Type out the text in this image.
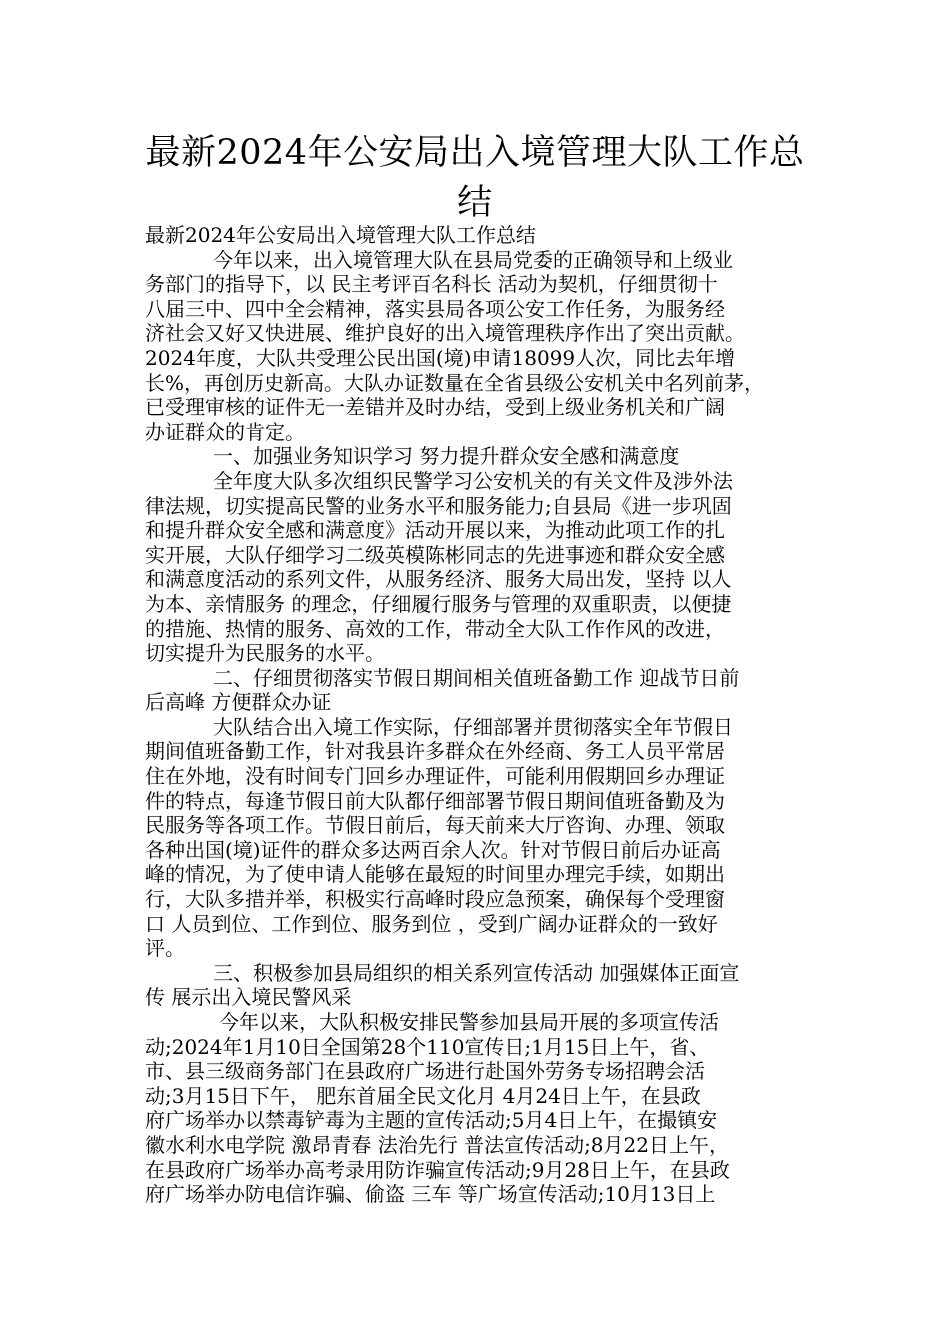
最新2024年公安局出入境管理大队工作总
结
最新2024年公安局出入境管理大队工作总结
今年以来，出入境管理大队在县局党委的正确领导和上级业
务部门的指导下，以 民主考评百名科长 活动为契机，仔细贯彻十
八届三中、四中全会精神，落实县局各项公安工作任务，为服务经
济社会又好又快进展、维护良好的出入境管理秩序作出了突出贡献。
2024年度，大队共受理公民出国(境)申请18099人次，同比去年增
长%，再创历史新高。大队办证数量在全省县级公安机关中名列前茅，
已受理审核的证件无一差错并及时办结，受到上级业务机关和广阔
办证群众的肯定。
一、加强业务知识学习 努力提升群众安全感和满意度
全年度大队多次组织民警学习公安机关的有关文件及涉外法
律法规，切实提高民警的业务水平和服务能力;自县局《进一步巩固
和提升群众安全感和满意度》活动开展以来，为推动此项工作的扎
实开展，大队仔细学习二级英模陈彬同志的先进事迹和群众安全感
和满意度活动的系列文件，从服务经济、服务大局出发，坚持 以人
为本、亲情服务 的理念，仔细履行服务与管理的双重职责，以便捷
的措施、热情的服务、高效的工作，带动全大队工作作风的改进，
切实提升为民服务的水平。
二、仔细贯彻落实节假日期间相关值班备勤工作 迎战节日前
后高峰 方便群众办证
大队结合出入境工作实际，仔细部署并贯彻落实全年节假日
期间值班备勤工作，针对我县许多群众在外经商、务工人员平常居
住在外地，没有时间专门回乡办理证件，可能利用假期回乡办理证
件的特点，每逢节假日前大队都仔细部署节假日期间值班备勤及为
民服务等各项工作。节假日前后，每天前来大厅咨询、办理、领取
各种出国(境)证件的群众多达两百余人次。针对节假日前后办证高
峰的情况，为了使申请人能够在最短的时间里办理完手续，如期出
行，大队多措并举，积极实行高峰时段应急预案，确保每个受理窗
口 人员到位、工作到位、服务到位 ，受到广阔办证群众的一致好
评。
三、积极参加县局组织的相关系列宣传活动 加强媒体正面宣
传 展示出入境民警风采
今年以来，大队积极安排民警参加县局开展的多项宣传活
动;2024年1月10日全国第28个110宣传日;1月15日上午，省、
市、县三级商务部门在县政府广场进行赴国外劳务专场招聘会活
动;3月15日下午， 肥东首届全民文化月 4月24日上午，在县政
府广场举办以禁毒铲毒为主题的宣传活动;5月4日上午，在撮镇安
徽水利水电学院 激昂青春 法治先行 普法宣传活动;8月22日上午，
在县政府广场举办高考录用防诈骗宣传活动;9月28日上午，在县政
府广场举办防电信诈骗、偷盗 三车 等广场宣传活动;10月13日上
